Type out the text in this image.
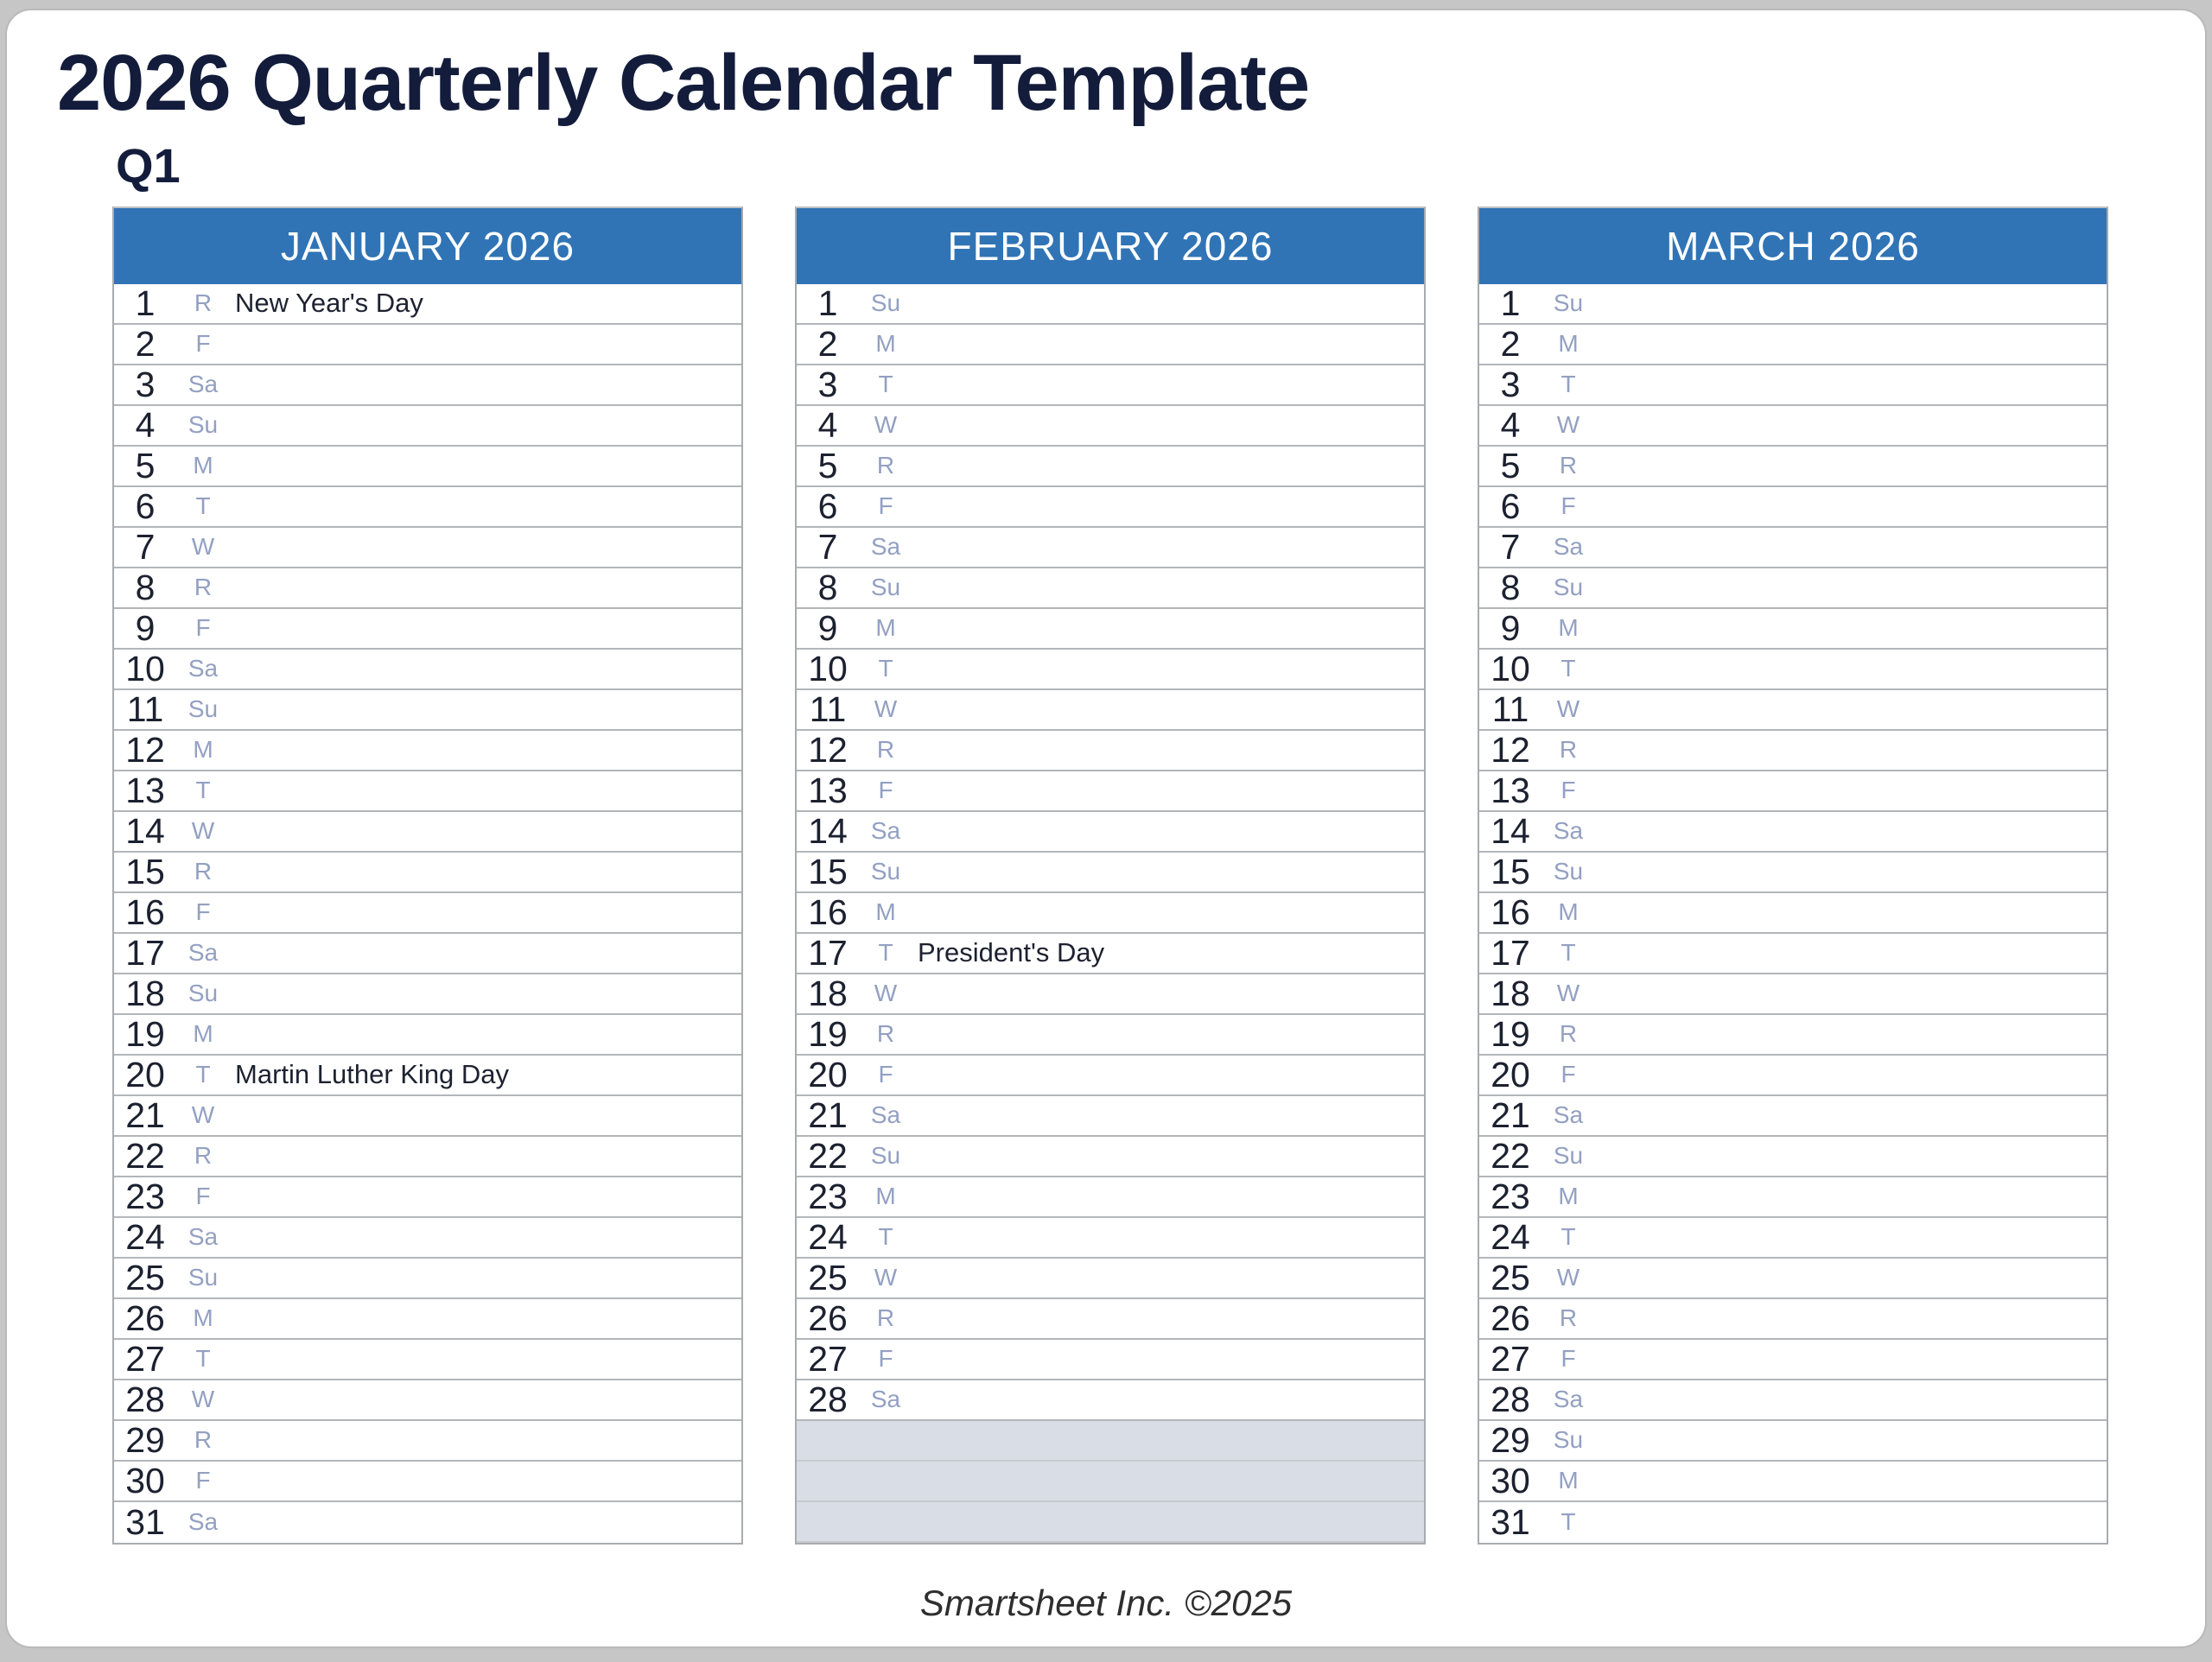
2026 Quarterly Calendar Template
Q1
JANUARY 2026
1	R New Year's Day
2	F
3	Sa
4	Su
5	M
6	T
7	W
8	R
9	F
10 Sa
11	Su
12	M
13	T
14	W
15	R
16	F
17 Sa
18 Su
19	M
20	T Martin Luther King Day
21	W
22	R
23	F
24 Sa
25 Su
26	M
27	T
28	W
29	R
30	F
31 Sa
FEBRUARY 2026
1	Su
2	M
3	T
4	W
5	R
6	F
7	Sa
8	Su
9	M
10	T
11	W
12	R
13	F
14 Sa
15 Su
16	M
17	T President's Day
18	W
19	R
20	F
21 Sa
22 Su
23	M
24	T
25	W
26	R
27	F
28 Sa
MARCH 2026
1	Su
2	M
3	T
4	W
5	R
6	F
7	Sa
8	Su
9	M
10	T
11	W
12	R
13	F
14 Sa
15 Su
16	M
17	T
18	W
19	R
20	F
21 Sa
22 Su
23	M
24	T
25	W
26	R
27	F
28 Sa
29 Su
30	M
31	T
Smartsheet Inc. ©2025
